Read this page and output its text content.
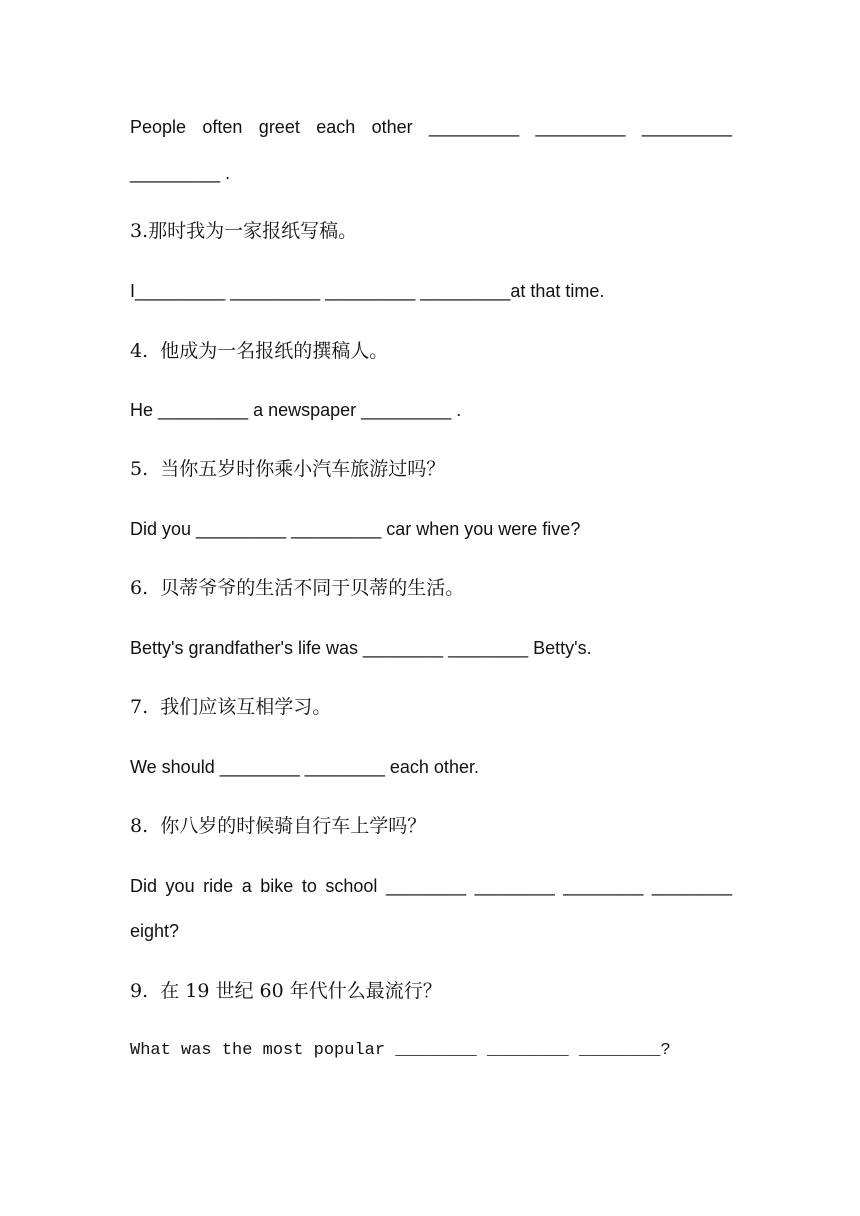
People often greet each other _________ _________ _________
_________ .
3.那时我为一家报纸写稿。
I_________ _________ _________ _________at that time.
4.  他成为一名报纸的撰稿人。
He _________ a newspaper _________ .
5.  当你五岁时你乘小汽车旅游过吗？
Did you _________ _________ car when you were five?
6.  贝蒂爷爷的生活不同于贝蒂的生活。
Betty's grandfather's life was ________ ________ Betty's.
7.  我们应该互相学习。
We should ________ ________ each other.
8.  你八岁的时候骑自行车上学吗？
Did you ride a bike to school ________ ________ ________ ________
eight?
9.  在 19 世纪 60 年代什么最流行？
What was the most popular ________ ________ ________?
